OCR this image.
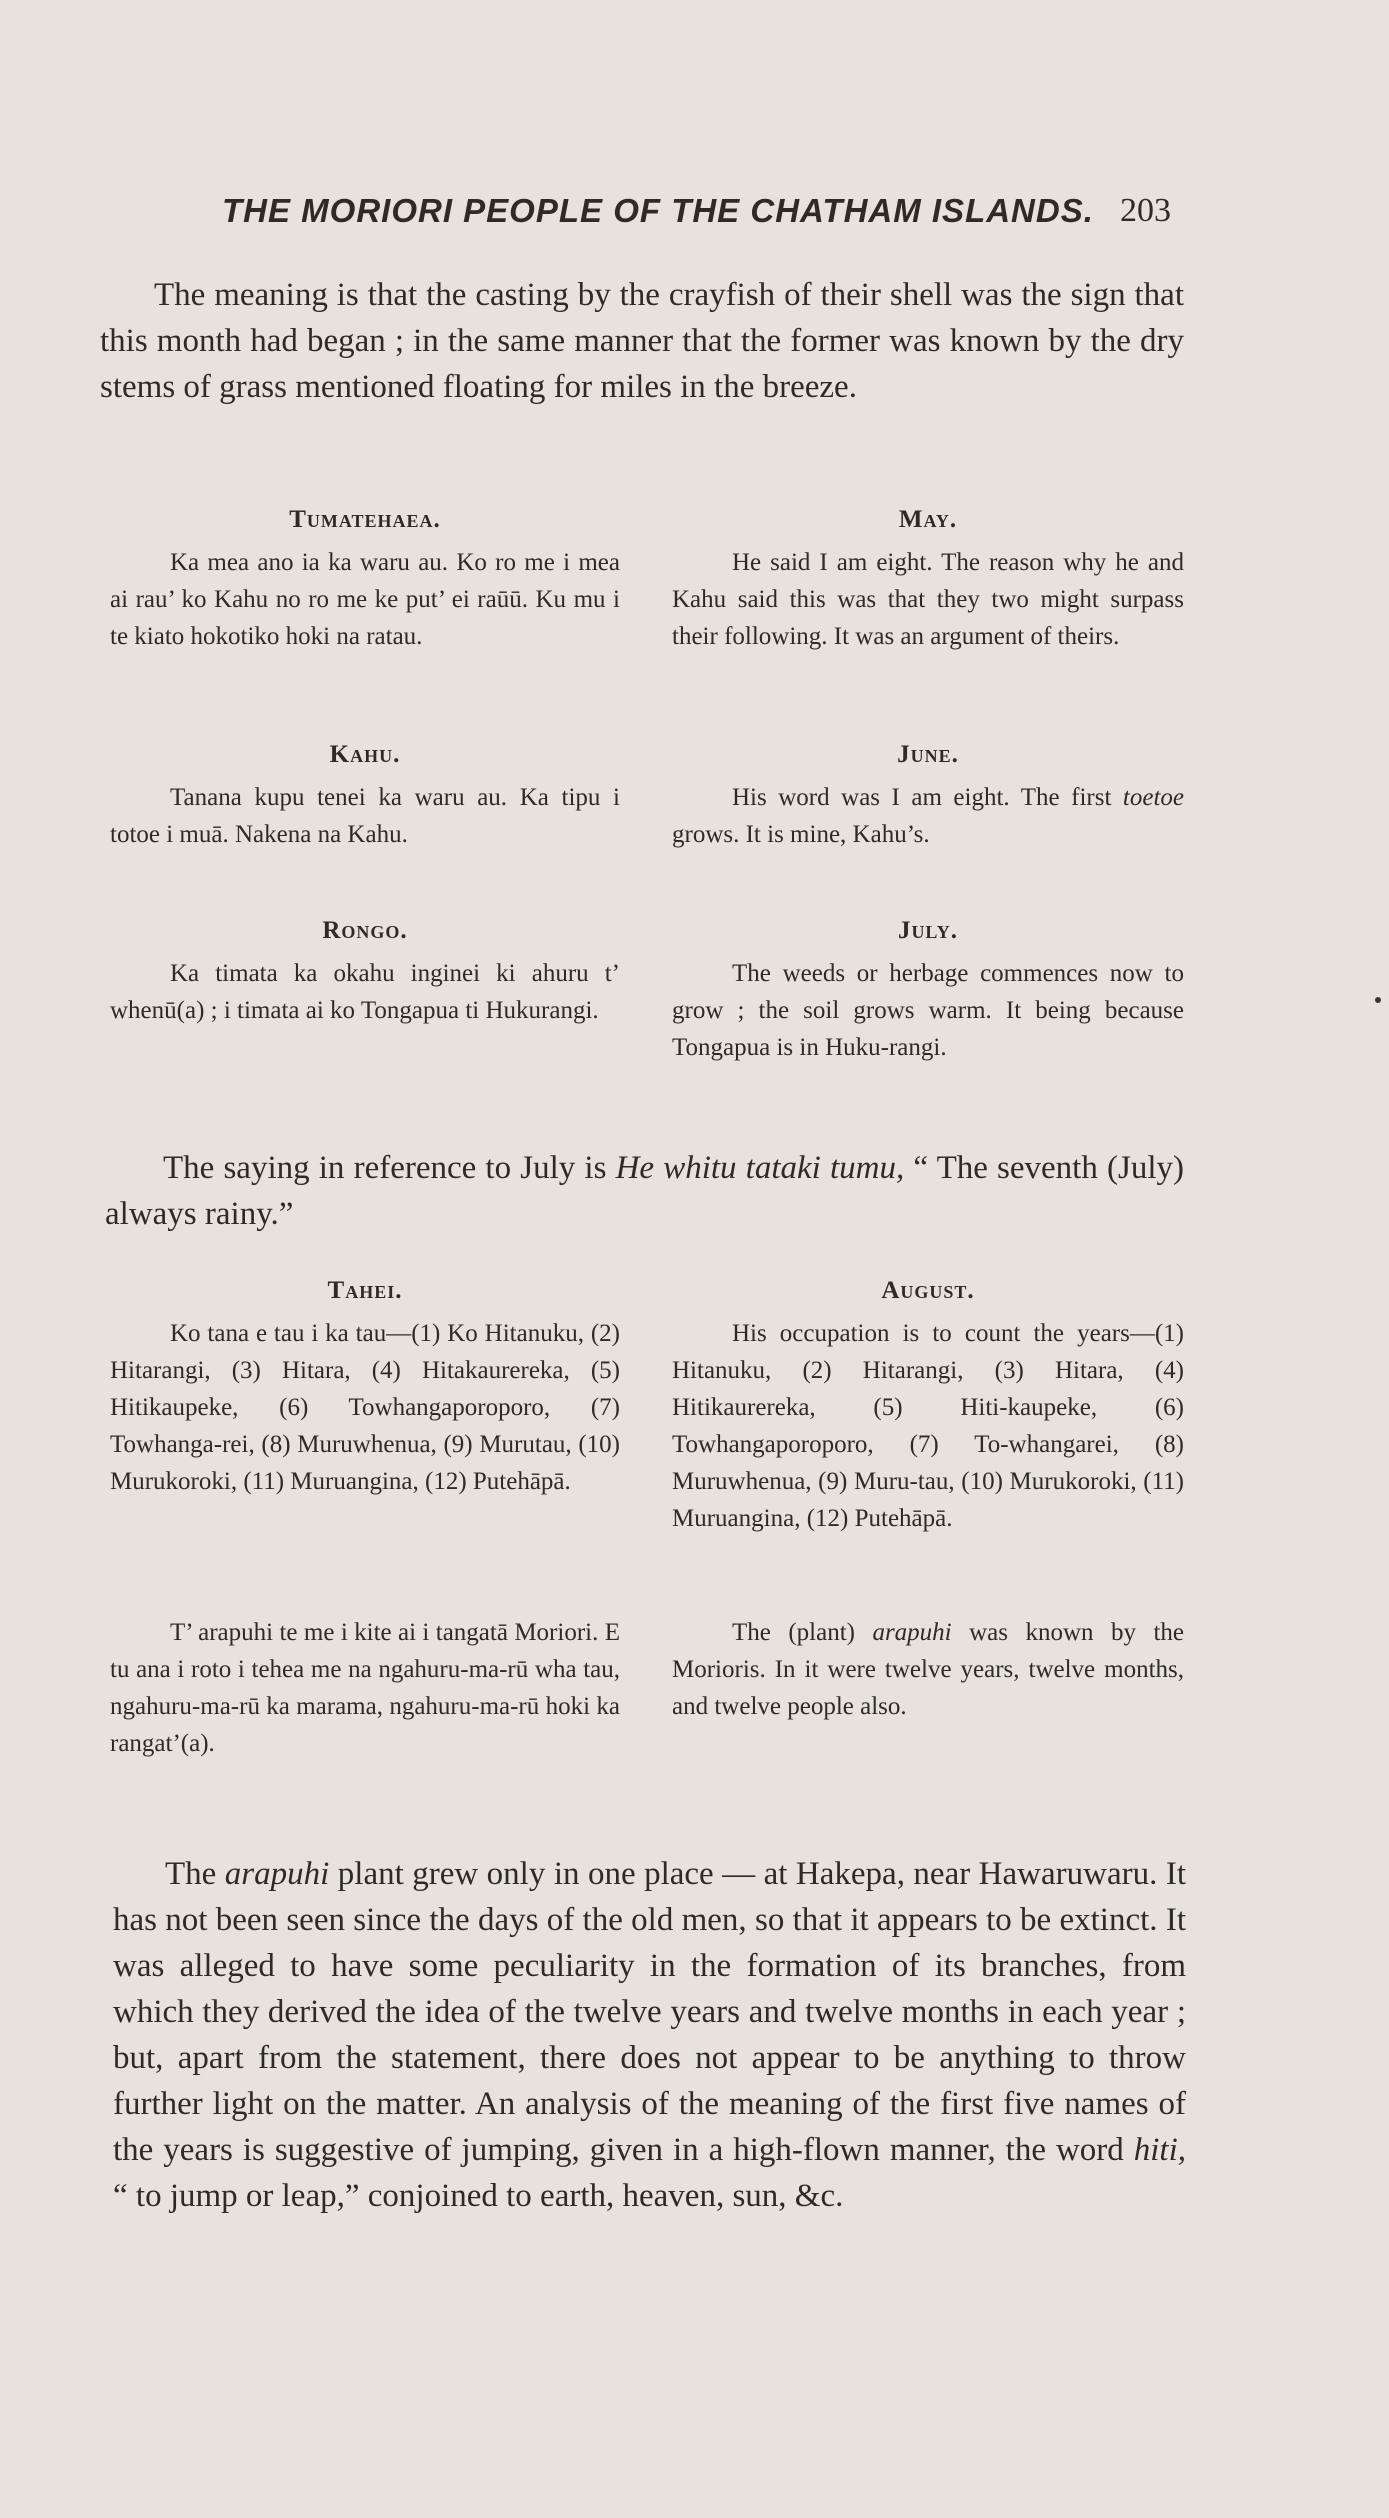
THE MORIORI PEOPLE OF THE CHATHAM ISLANDS. 203

The meaning is that the casting by the crayfish of their shell was the sign that this month had began ; in the same manner that the former was known by the dry stems of grass mentioned floating for miles in the breeze.

Tumatehaea.

Ka mea ano ia ka waru au. Ko ro me i mea ai rau’ ko Kahu no ro me ke put’ ei raūū. Ku mu i te kiato hokotiko hoki na ratau.

May.

He said I am eight. The reason why he and Kahu said this was that they two might surpass their following. It was an argument of theirs.

Kahu.

Tanana kupu tenei ka waru au. Ka tipu i totoe i muā. Nakena na Kahu.

June.

His word was I am eight. The first toetoe grows. It is mine, Kahu’s.

Rongo.

Ka timata ka okahu inginei ki ahuru t’ whenū(a) ; i timata ai ko Tongapua ti Hukurangi.

July.

The weeds or herbage commences now to grow ; the soil grows warm. It being because Tongapua is in Huku-rangi.

The saying in reference to July is He whitu tataki tumu, “ The seventh (July) always rainy.”

Tahei.

Ko tana e tau i ka tau—(1) Ko Hitanuku, (2) Hitarangi, (3) Hitara, (4) Hitakaurereka, (5) Hitikaupeke, (6) Towhangaporoporo, (7) Towhanga-rei, (8) Muruwhenua, (9) Murutau, (10) Murukoroki, (11) Muruangina, (12) Putehāpā.

August.

His occupation is to count the years—(1) Hitanuku, (2) Hitarangi, (3) Hitara, (4) Hitikaurereka, (5) Hiti-kaupeke, (6) Towhangaporoporo, (7) To-whangarei, (8) Muruwhenua, (9) Muru-tau, (10) Murukoroki, (11) Muruangina, (12) Putehāpā.

T’ arapuhi te me i kite ai i tangatā Moriori. E tu ana i roto i tehea me na ngahuru-ma-rū wha tau, ngahuru-ma-rū ka marama, ngahuru-ma-rū hoki ka rangat’(a).

The (plant) arapuhi was known by the Morioris. In it were twelve years, twelve months, and twelve people also.

The arapuhi plant grew only in one place — at Hakepa, near Hawaruwaru. It has not been seen since the days of the old men, so that it appears to be extinct. It was alleged to have some peculiarity in the formation of its branches, from which they derived the idea of the twelve years and twelve months in each year ; but, apart from the statement, there does not appear to be anything to throw further light on the matter. An analysis of the meaning of the first five names of the years is suggestive of jumping, given in a high-flown manner, the word hiti, “ to jump or leap,” conjoined to earth, heaven, sun, &c.
